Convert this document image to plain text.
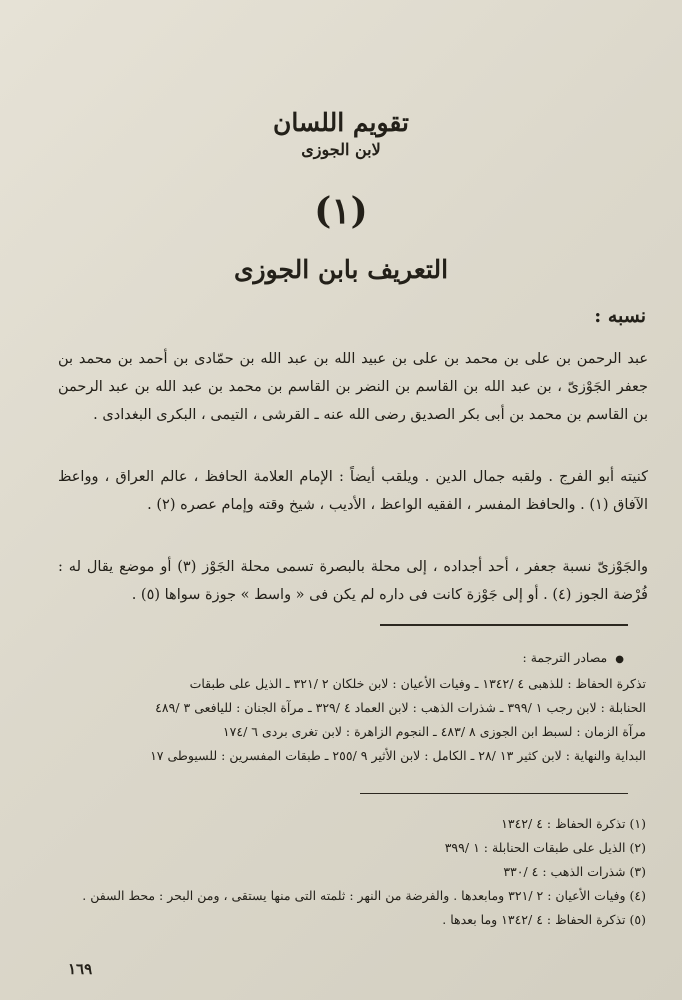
تقويم اللسان
لابن الجوزى
(١)
التعريف بابن الجوزى
نسبه :

عبد الرحمن بن على بن محمد بن على بن عبيد الله بن عبد الله بن حمّادى بن أحمد بن محمد بن جعفر الجَوْزىّ ، بن عبد الله بن القاسم بن النضر بن القاسم بن محمد بن عبد الله بن عبد الرحمن بن القاسم بن محمد بن أبى بكر الصديق رضى الله عنه ـ القرشى ، التيمى ، البكرى البغدادى .

كنيته أبو الفرج . ولقبه جمال الدين . ويلقب أيضاً : الإمام العلامة الحافظ ، عالم العراق ، وواعظ الآفاق (١) . والحافظ المفسر ، الفقيه الواعظ ، الأديب ، شيخ وقته وإمام عصره (٢) .

والجَوْزىّ نسبة جعفر ، أحد أجداده ، إلى محلة بالبصرة تسمى محلة الجَوْز (٣) أو موضع يقال له : فُرْضة الجوز (٤) . أو إلى جَوْزة كانت فى داره لم يكن فى « واسط » جوزة سواها (٥) .

●مصادر الترجمة :
تذكرة الحفاظ : للذهبى ٤ /١٣٤٢ ـ وفيات الأعيان : لابن خلكان ٢ /٣٢١ ـ الذيل على طبقات
الحنابلة : لابن رجب ١ /٣٩٩ ـ شذرات الذهب : لابن العماد ٤ /٣٢٩ ـ مرآة الجنان : لليافعى ٣ /٤٨٩
مرآة الزمان : لسبط ابن الجوزى ٨ /٤٨٣ ـ النجوم الزاهرة : لابن تغرى بردى ٦ /١٧٤
البداية والنهاية : لابن كثير ١٣ /٢٨ ـ الكامل : لابن الأثير ٩ /٢٥٥ ـ طبقات المفسرين : للسيوطى ١٧
(١) تذكرة الحفاظ : ٤ /١٣٤٢
(٢) الذيل على طبقات الحنابلة : ١ /٣٩٩
(٣) شذرات الذهب : ٤ /٣٣٠
(٤) وفيات الأعيان : ٢ /٣٢١ ومابعدها . والفرضة من النهر : ثلمته التى منها يستقى ، ومن البحر : محط السفن .
(٥) تذكرة الحفاظ : ٤ /١٣٤٢ وما بعدها .
١٦٩
